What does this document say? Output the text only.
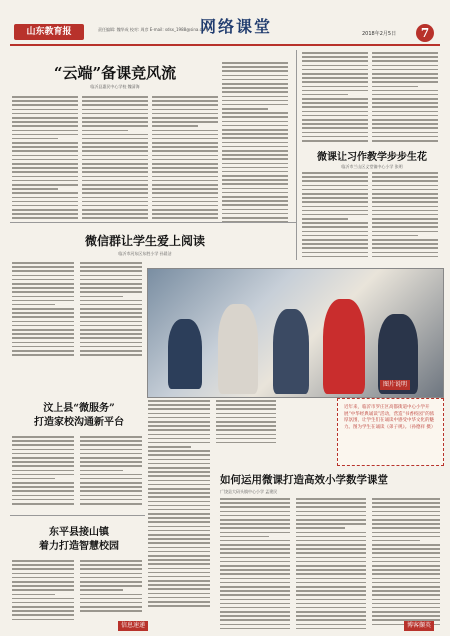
山东教育报	责任编辑: 魏华成 校对: 周彦 E-mail: sdsx_1988@sina.com
网络课堂	2018年2月5日	7
“云端”备课竞风流
临沂县惠民中心学校 魏清海
微课让习作教学步步生花
临沂市兰山区义堂镇中心小学 张明
微信群让学生爱上阅读
临沂市河东区东胜小学 孙晨洁
图片说明
近年来，临沂市罗庄区高都街道中心小学开展“中华经典诵读”活动，营造“书香校园”的浓厚氛围，让学生们在诵读中感受中华文化的魅力。图为学生在诵读《弟子规》。（孙德祥 摄）
汶上县“微服务”
打造家校沟通新平台
东平县接山镇
着力打造智慧校园
信息速递
如何运用微课打造高效小学数学课堂
广饶县大码头镇中心小学 孟建民
博客撷英
